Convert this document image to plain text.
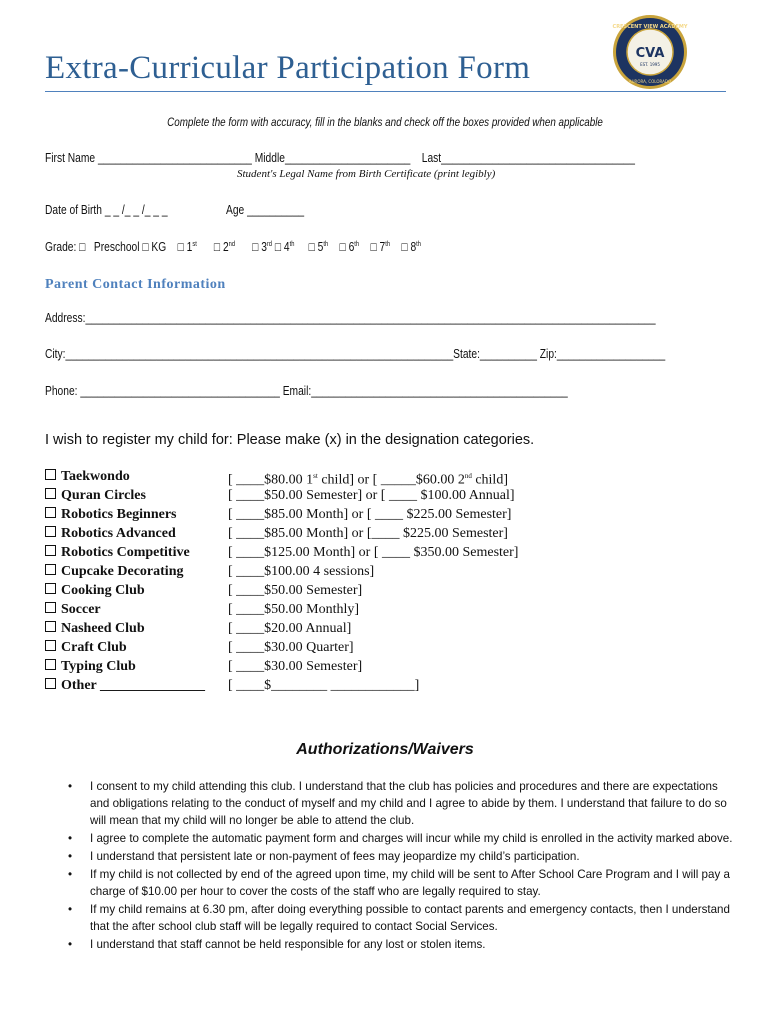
Extra-Curricular Participation Form
CRESCENT VIEW ACADEMY
CVA
EST. 1995
AURORA, COLORADO
Complete the form with accuracy, fill in the blanks and check off the boxes provided when applicable
First Name ___________________________ Middle______________________    Last__________________________________
Student's Legal Name from Birth Certificate (print legibly)
Date of Birth _ _ /_ _ /_ _ _	Age __________
Grade: □   Preschool □ KG    □ 1st      □ 2nd      □ 3rd □ 4th     □ 5th    □ 6th    □ 7th    □ 8th
Parent Contact Information
Address:____________________________________________________________________________________________________
City:____________________________________________________________________State:__________ Zip:___________________
Phone: ___________________________________ Email:_____________________________________________
I wish to register my child for: Please make (x) in the designation categories.
Taekwondo	[ ____$80.00 1st child] or [ _____$60.00 2nd child]
Quran Circles	[ ____$50.00 Semester] or [ ____ $100.00 Annual]
Robotics Beginners	[ ____$85.00 Month] or [ ____ $225.00 Semester]
Robotics Advanced	[ ____$85.00 Month] or [____ $225.00 Semester]
Robotics Competitive	[ ____$125.00 Month] or [ ____ $350.00 Semester]
Cupcake Decorating	[ ____$100.00 4 sessions]
Cooking Club	[ ____$50.00 Semester]
Soccer	[ ____$50.00 Monthly]
Nasheed Club	[ ____$20.00 Annual]
Craft Club	[ ____$30.00 Quarter]
Typing Club	[ ____$30.00 Semester]
Other _______________ [ ____$________ ____________]
Authorizations/Waivers
• I consent to my child attending this club. I understand that the club has policies and procedures and there are expectations and obligations relating to the conduct of myself and my child and I agree to abide by them. I understand that failure to do so will mean that my child will no longer be able to attend the club.
• I agree to complete the automatic payment form and charges will incur while my child is enrolled in the activity marked above.
• I understand that persistent late or non-payment of fees may jeopardize my child’s participation.
• If my child is not collected by end of the agreed upon time, my child will be sent to After School Care Program and I will pay a charge of $10.00 per hour to cover the costs of the staff who are legally required to stay.
• If my child remains at 6.30 pm, after doing everything possible to contact parents and emergency contacts, then I understand that the after school club staff will be legally required to contact Social Services.
• I understand that staff cannot be held responsible for any lost or stolen items.
